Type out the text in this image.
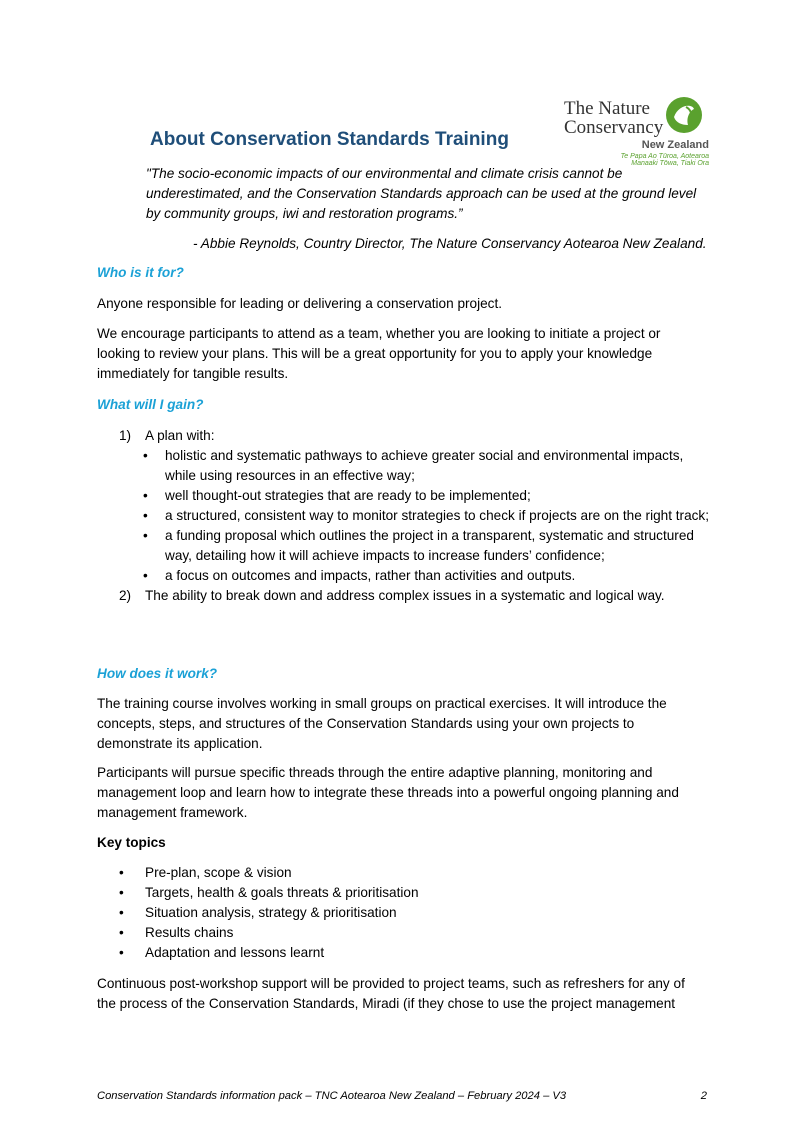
The Nature
Conservancy
New Zealand
Te Papa Ao Tūroa, Aotearoa
Manaaki Tōwa, Tiaki Ora
About Conservation Standards Training
"The socio-economic impacts of our environmental and climate crisis cannot be underestimated, and the Conservation Standards approach can be used at the ground level by community groups, iwi and restoration programs.”
- Abbie Reynolds, Country Director, The Nature Conservancy Aotearoa New Zealand.
Who is it for?
Anyone responsible for leading or delivering a conservation project.
We encourage participants to attend as a team, whether you are looking to initiate a project or looking to review your plans. This will be a great opportunity for you to apply your knowledge immediately for tangible results.
What will I gain?
1)	A plan with:
•	holistic and systematic pathways to achieve greater social and environmental impacts, while using resources in an effective way;
•	well thought-out strategies that are ready to be implemented;
•	a structured, consistent way to monitor strategies to check if projects are on the right track;
•	a funding proposal which outlines the project in a transparent, systematic and structured way, detailing how it will achieve impacts to increase funders’ confidence;
•	a focus on outcomes and impacts, rather than activities and outputs.
2)	The ability to break down and address complex issues in a systematic and logical way.
How does it work?
The training course involves working in small groups on practical exercises. It will introduce the concepts, steps, and structures of the Conservation Standards using your own projects to demonstrate its application.
Participants will pursue specific threads through the entire adaptive planning, monitoring and management loop and learn how to integrate these threads into a powerful ongoing planning and management framework.
Key topics
•	Pre-plan, scope & vision
•	Targets, health & goals threats & prioritisation
•	Situation analysis, strategy & prioritisation
•	Results chains
•	Adaptation and lessons learnt
Continuous post-workshop support will be provided to project teams, such as refreshers for any of the process of the Conservation Standards, Miradi (if they chose to use the project management
Conservation Standards information pack – TNC Aotearoa New Zealand – February 2024 – V3	2
